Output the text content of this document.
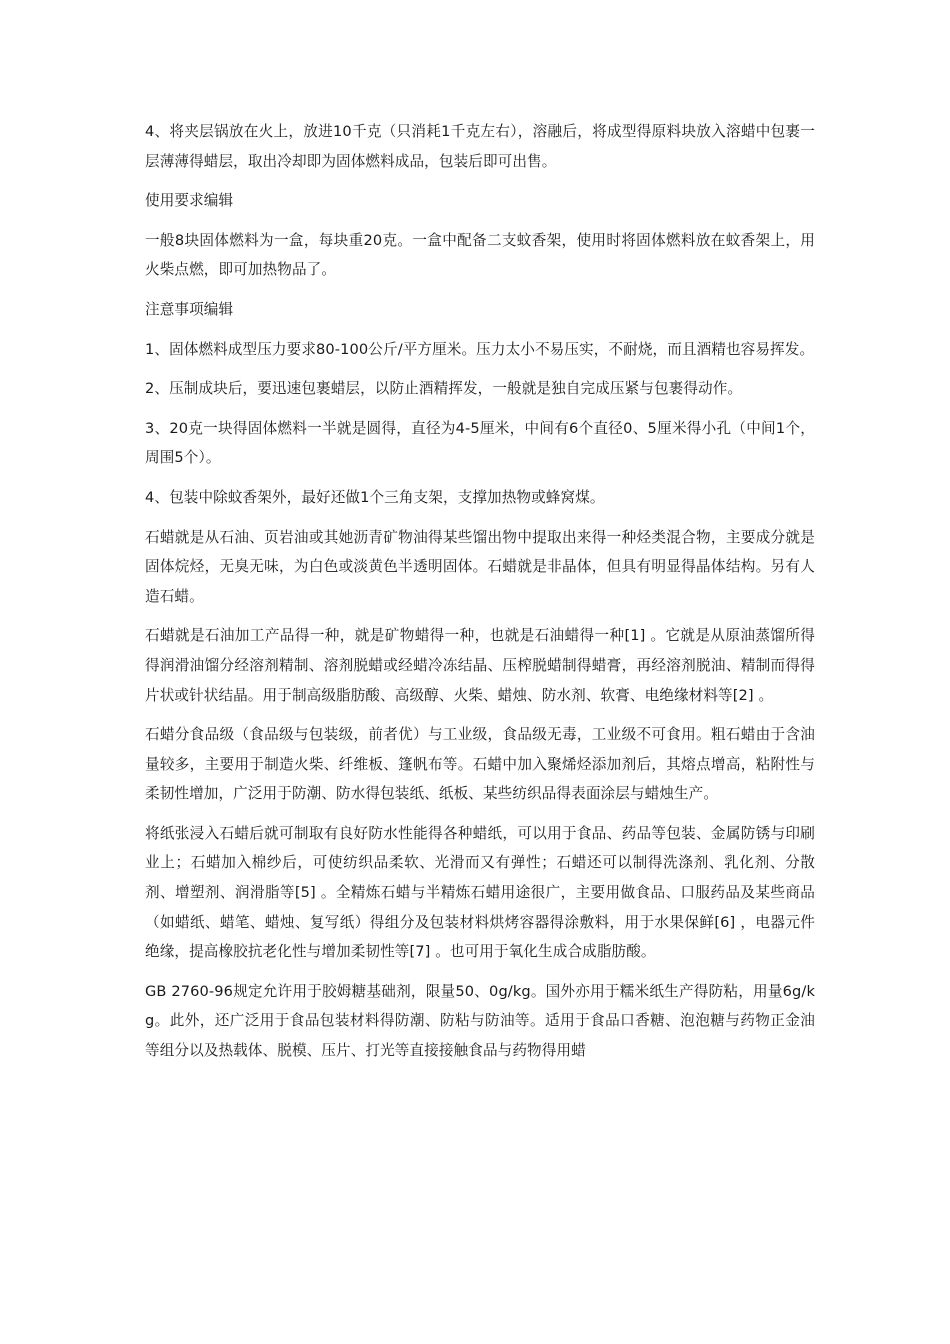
4、将夹层锅放在火上，放进10千克（只消耗1千克左右），溶融后，将成型得原料块放入溶蜡中包裹一层薄薄得蜡层，取出冷却即为固体燃料成品，包装后即可出售。

使用要求编辑

一般8块固体燃料为一盒，每块重20克。一盒中配备二支蚊香架，使用时将固体燃料放在蚊香架上，用火柴点燃，即可加热物品了。

注意事项编辑

1、固体燃料成型压力要求80-100公斤/平方厘米。压力太小不易压实，不耐烧，而且酒精也容易挥发。

2、压制成块后，要迅速包裹蜡层，以防止酒精挥发，一般就是独自完成压紧与包裹得动作。

3、20克一块得固体燃料一半就是圆得，直径为4-5厘米，中间有6个直径0、5厘米得小孔（中间1个，周围5个）。

4、包装中除蚊香架外，最好还做1个三角支架，支撑加热物或蜂窝煤。

石蜡就是从石油、页岩油或其她沥青矿物油得某些馏出物中提取出来得一种烃类混合物，主要成分就是固体烷烃，无臭无味，为白色或淡黄色半透明固体。石蜡就是非晶体，但具有明显得晶体结构。另有人造石蜡。

石蜡就是石油加工产品得一种，就是矿物蜡得一种，也就是石油蜡得一种[1] 。它就是从原油蒸馏所得得润滑油馏分经溶剂精制、溶剂脱蜡或经蜡冷冻结晶、压榨脱蜡制得蜡膏，再经溶剂脱油、精制而得得片状或针状结晶。用于制高级脂肪酸、高级醇、火柴、蜡烛、防水剂、软膏、电绝缘材料等[2] 。

石蜡分食品级（食品级与包装级，前者优）与工业级，食品级无毒，工业级不可食用。粗石蜡由于含油量较多，主要用于制造火柴、纤维板、篷帆布等。石蜡中加入聚烯烃添加剂后，其熔点增高，粘附性与柔韧性增加，广泛用于防潮、防水得包装纸、纸板、某些纺织品得表面涂层与蜡烛生产。

将纸张浸入石蜡后就可制取有良好防水性能得各种蜡纸，可以用于食品、药品等包装、金属防锈与印刷业上；石蜡加入棉纱后，可使纺织品柔软、光滑而又有弹性；石蜡还可以制得洗涤剂、乳化剂、分散剂、增塑剂、润滑脂等[5] 。全精炼石蜡与半精炼石蜡用途很广，主要用做食品、口服药品及某些商品（如蜡纸、蜡笔、蜡烛、复写纸）得组分及包装材料烘烤容器得涂敷料，用于水果保鲜[6] ，电器元件绝缘，提高橡胶抗老化性与增加柔韧性等[7] 。也可用于氧化生成合成脂肪酸。

GB 2760-96规定允许用于胶姆糖基础剂，限量50、0g/kg。国外亦用于糯米纸生产得防粘，用量6g/kg。此外，还广泛用于食品包装材料得防潮、防粘与防油等。适用于食品口香糖、泡泡糖与药物正金油等组分以及热载体、脱模、压片、打光等直接接触食品与药物得用蜡
